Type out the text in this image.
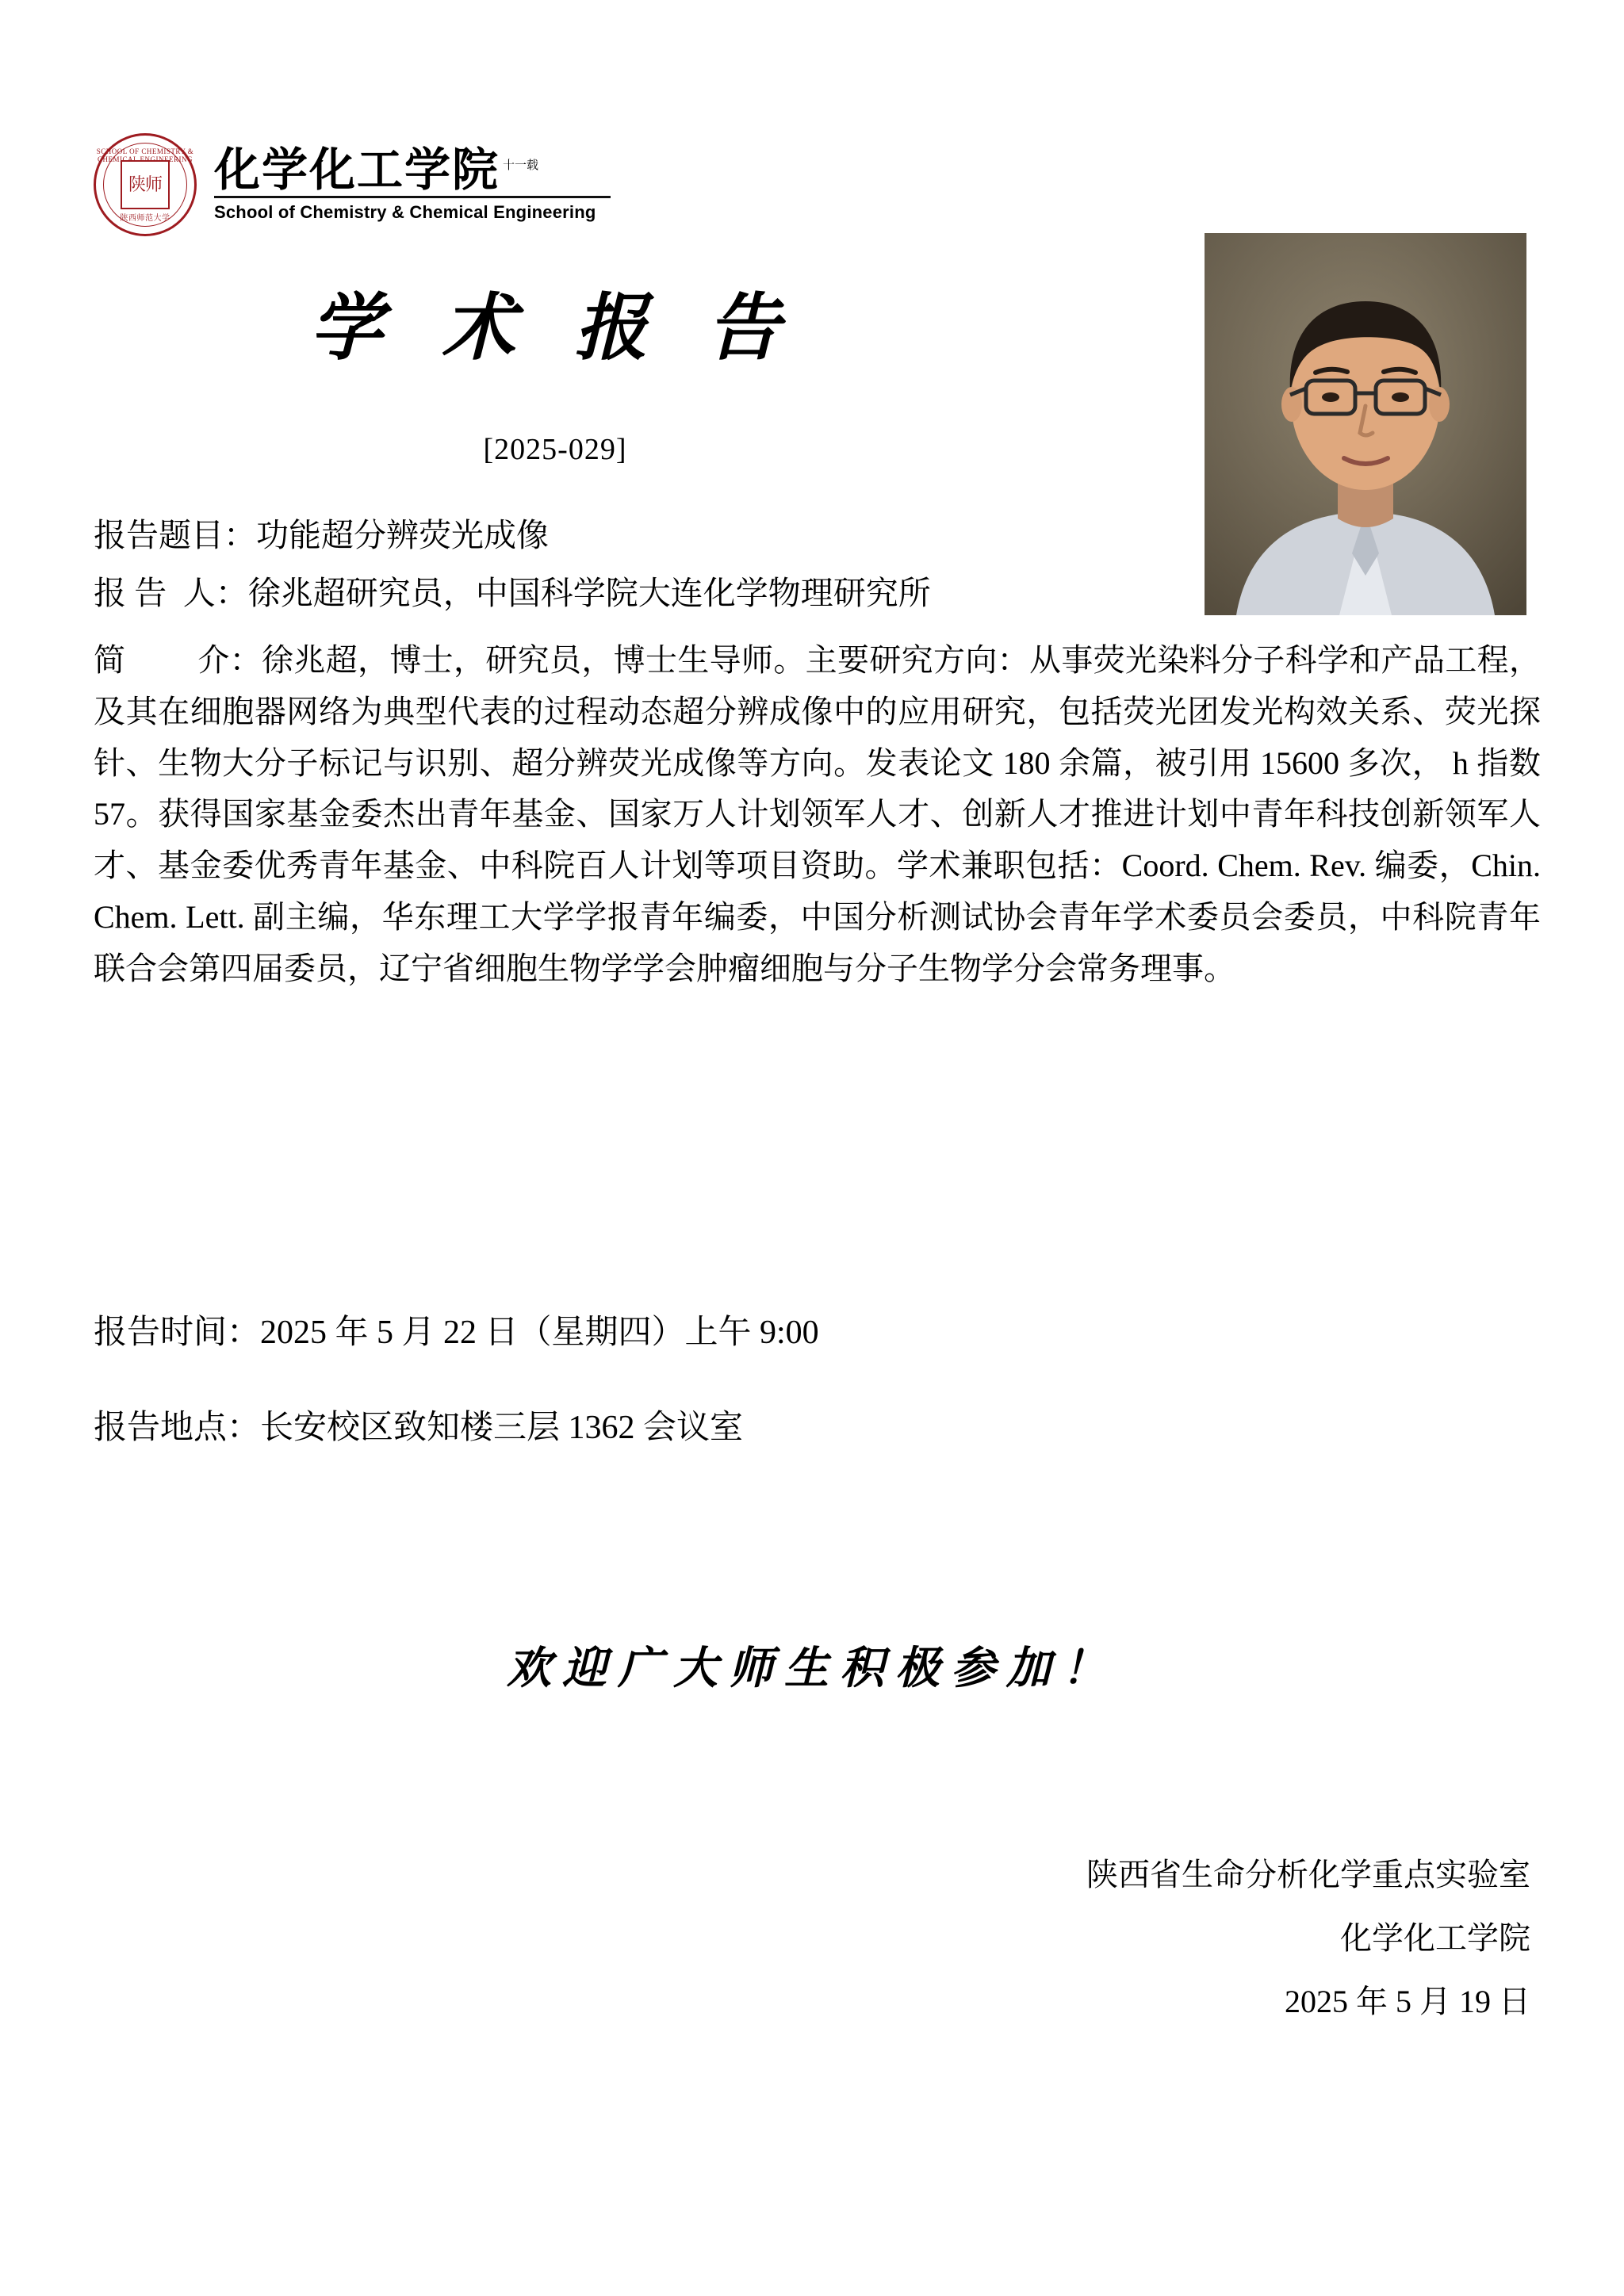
SCHOOL OF CHEMISTRY & CHEMICAL ENGINEERING
陕师
陕西师范大学
化学化工学院 $^{十一载}$
School of Chemistry & Chemical Engineering
学 术 报 告
[2025-029]
报告题目： 功能超分辨荧光成像
报 告  人： 徐兆超研究员，中国科学院大连化学物理研究所
简　　 介：徐兆超，博士，研究员，博士生导师。主要研究方向：从事荧光染料分子科学和产品工程，及其在细胞器网络为典型代表的过程动态超分辨成像中的应用研究，包括荧光团发光构效关系、荧光探针、生物大分子标记与识别、超分辨荧光成像等方向。发表论文 180 余篇，被引用 15600 多次， h 指数 57。获得国家基金委杰出青年基金、国家万人计划领军人才、创新人才推进计划中青年科技创新领军人才、基金委优秀青年基金、中科院百人计划等项目资助。学术兼职包括：Coord. Chem. Rev. 编委，Chin. Chem. Lett. 副主编，华东理工大学学报青年编委，中国分析测试协会青年学术委员会委员，中科院青年联合会第四届委员，辽宁省细胞生物学学会肿瘤细胞与分子生物学分会常务理事。
报告时间：2025 年 5 月 22 日（星期四）上午 9:00
报告地点：长安校区致知楼三层 1362 会议室
欢迎广大师生积极参加！
陕西省生命分析化学重点实验室
化学化工学院
2025 年 5 月 19 日
